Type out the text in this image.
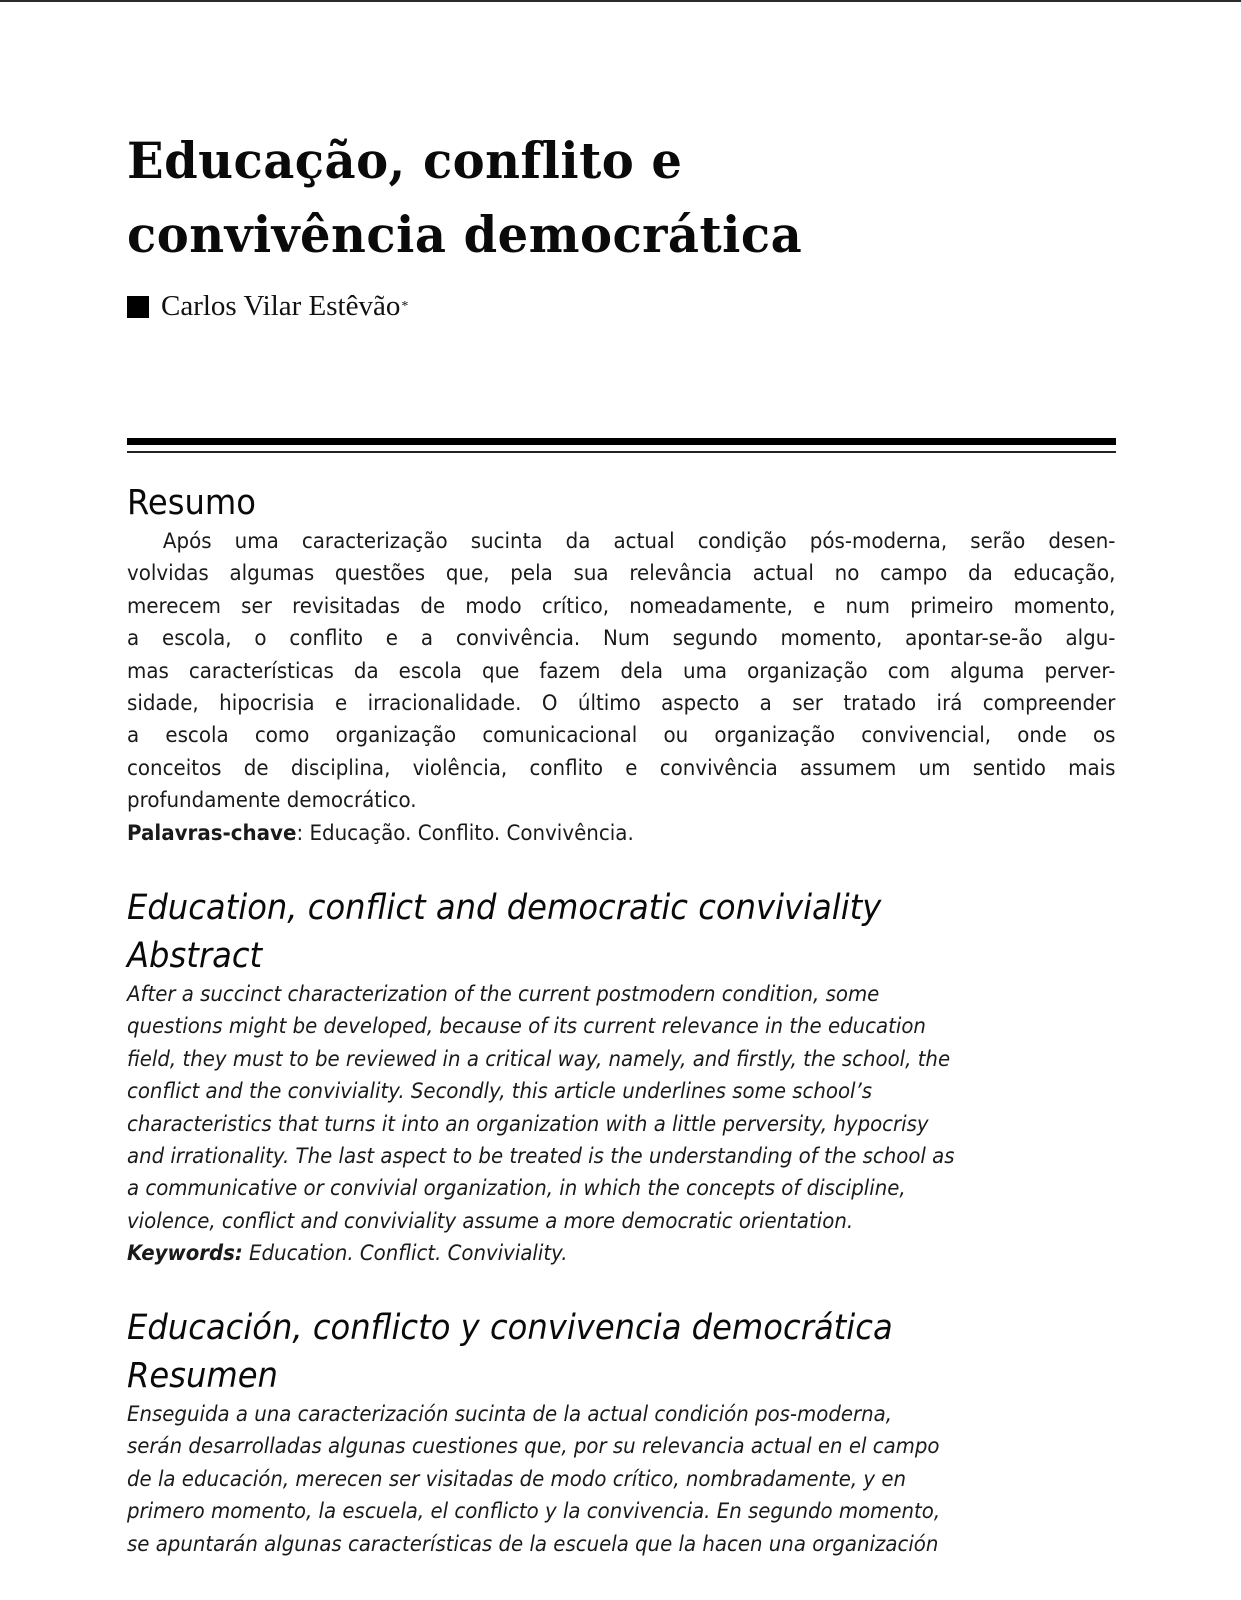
Educação, conflito e
convivência democrática
Carlos Vilar Estêvão *
Resumo
Após uma caracterização sucinta da actual condição pós-moderna, serão desen-
volvidas algumas questões que, pela sua relevância actual no campo da educação,
merecem ser revisitadas de modo crítico, nomeadamente, e num primeiro momento,
a escola, o conflito e a convivência. Num segundo momento, apontar-se-ão algu-
mas características da escola que fazem dela uma organização com alguma perver-
sidade, hipocrisia e irracionalidade. O último aspecto a ser tratado irá compreender
a escola como organização comunicacional ou organização convivencial, onde os
conceitos de disciplina, violência, conflito e convivência assumem um sentido mais
profundamente democrático.

Palavras-chave: Educação. Conflito. Convivência.

Education, conflict and democratic conviviality
Abstract
After a succinct characterization of the current postmodern condition, some
questions might be developed, because of its current relevance in the education
field, they must to be reviewed in a critical way, namely, and firstly, the school, the
conflict and the conviviality. Secondly, this article underlines some school’s
characteristics that turns it into an organization with a little perversity, hypocrisy
and irrationality. The last aspect to be treated is the understanding of the school as
a communicative or convivial organization, in which the concepts of discipline,
violence, conflict and conviviality assume a more democratic orientation.
Keywords: Education. Conflict. Conviviality.
Educación, conflicto y convivencia democrática
Resumen
Enseguida a una caracterización sucinta de la actual condición pos-moderna,
serán desarrolladas algunas cuestiones que, por su relevancia actual en el campo
de la educación, merecen ser visitadas de modo crítico, nombradamente, y en
primero momento, la escuela, el conflicto y la convivencia. En segundo momento,
se apuntarán algunas características de la escuela que la hacen una organización
